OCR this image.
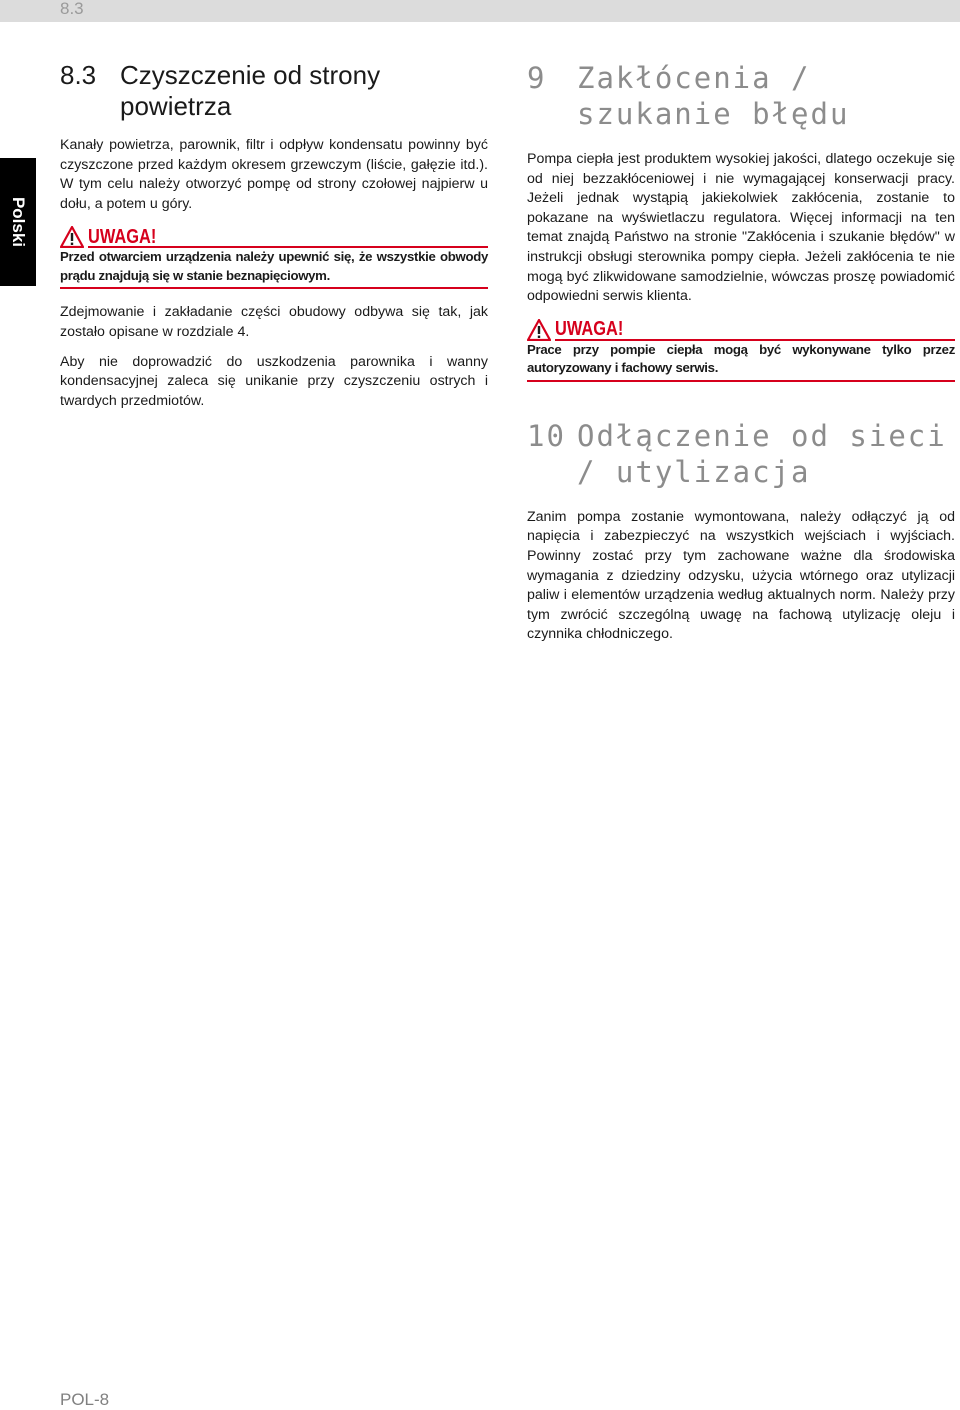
8.3
Polski
8.3 Czyszczenie od strony powietrza

Kanały powietrza, parownik, filtr i odpływ kondensatu powinny być czyszczone przed każdym okresem grzewczym (liście, gałęzie itd.). W tym celu należy otworzyć pompę od strony czołowej najpierw u dołu, a potem u góry.

UWAGA!
Przed otwarciem urządzenia należy upewnić się, że wszystkie obwody prądu znajdują się w stanie beznapięciowym.

Zdejmowanie i zakładanie części obudowy odbywa się tak, jak zostało opisane w rozdziale 4.

Aby nie doprowadzić do uszkodzenia parownika i wanny kondensacyjnej zaleca się unikanie przy czyszczeniu ostrych i twardych przedmiotów.

9	Zakłócenia / szukanie błędu

Pompa ciepła jest produktem wysokiej jakości, dlatego oczekuje się od niej bezzakłóceniowej i nie wymagającej konserwacji pracy. Jeżeli jednak wystąpią jakiekolwiek zakłócenia, zostanie to pokazane na wyświetlaczu regulatora. Więcej informacji na ten temat znajdą Państwo na stronie "Zakłócenia i szukanie błędów" w instrukcji obsługi sterownika pompy ciepła. Jeżeli zakłócenia te nie mogą być zlikwidowane samodzielnie, wówczas proszę powiadomić odpowiedni serwis klienta.

UWAGA!
Prace przy pompie ciepła mogą być wykonywane tylko przez autoryzowany i fachowy serwis.
10 Odłączenie od sieci / utylizacja

Zanim pompa zostanie wymontowana, należy odłączyć ją od napięcia i zabezpieczyć na wszystkich wejściach i wyjściach. Powinny zostać przy tym zachowane ważne dla środowiska wymagania z dziedziny odzysku, użycia wtórnego oraz utylizacji paliw i elementów urządzenia według aktualnych norm. Należy przy tym zwrócić szczególną uwagę na fachową utylizację oleju i czynnika chłodniczego.

POL-8
